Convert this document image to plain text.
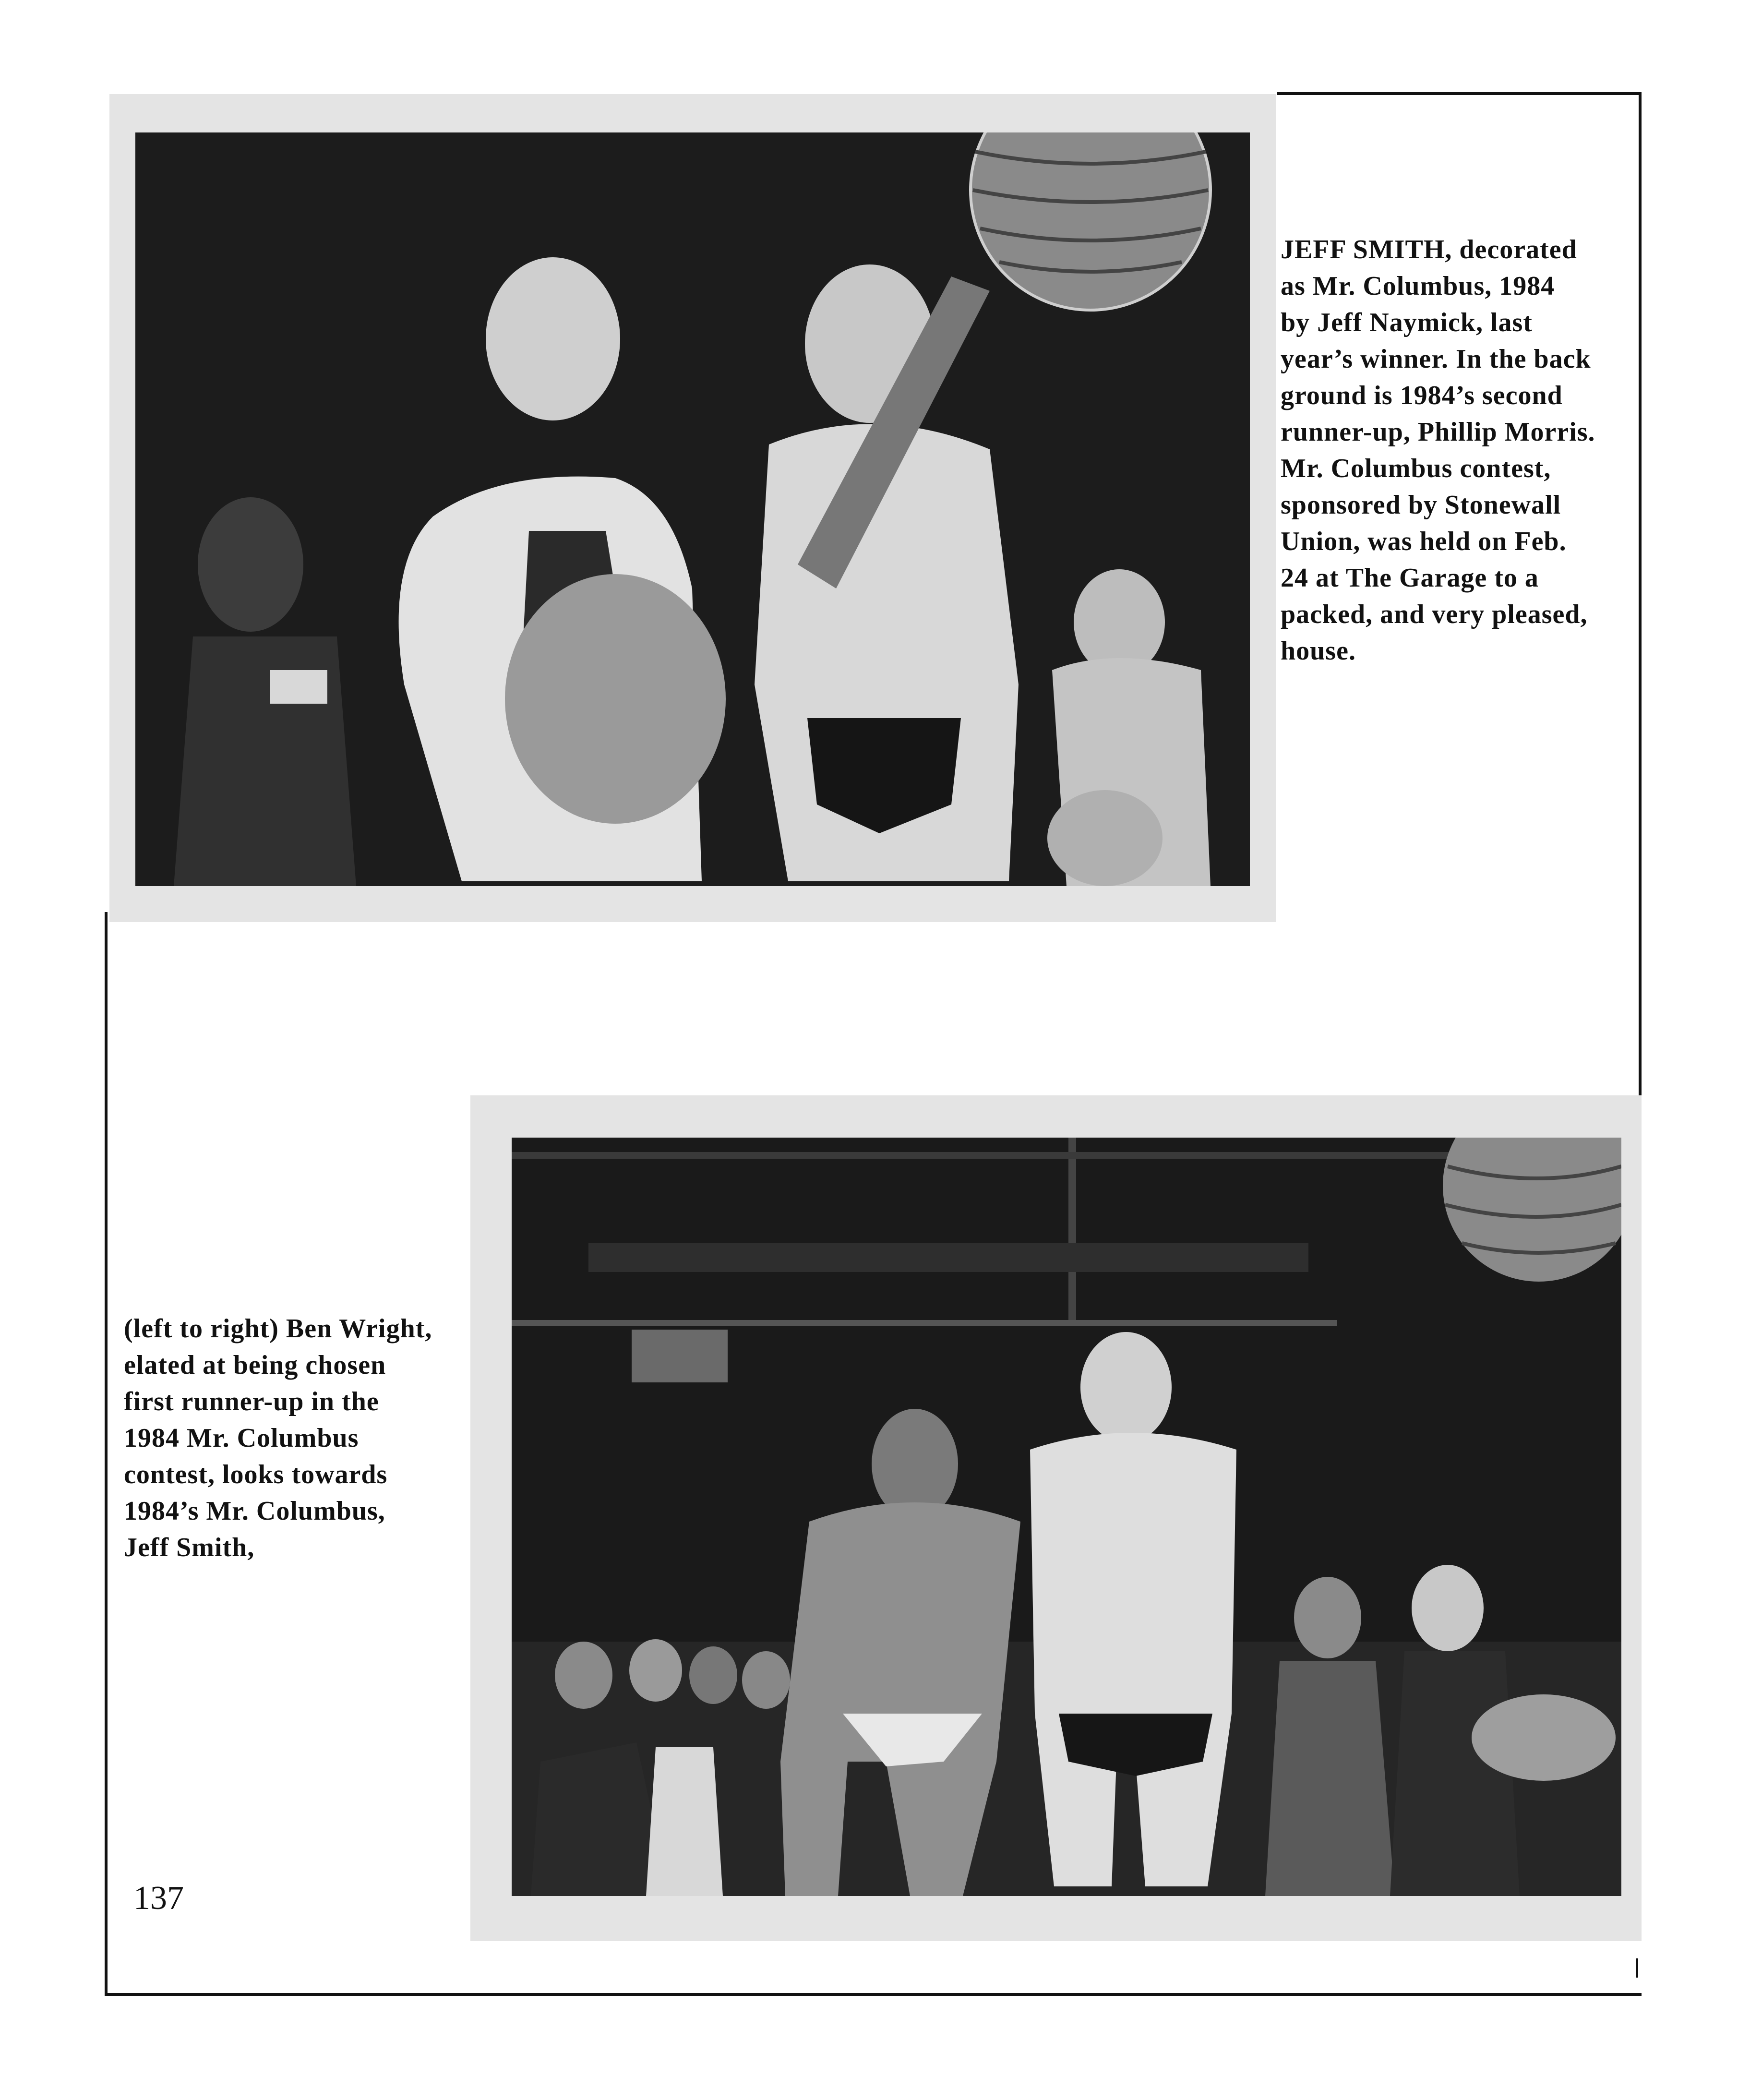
JEFF SMITH, decorated
as Mr. Columbus, 1984
by Jeff Naymick, last
year’s winner. In the back
ground is 1984’s second
runner-up, Phillip Morris.
Mr. Columbus contest,
sponsored by Stonewall
Union, was held on Feb.
24 at The Garage to a
packed, and very pleased,
house.
(left to right) Ben Wright,
elated at being chosen
first runner-up in the
1984 Mr. Columbus
contest, looks towards
1984’s Mr. Columbus,
Jeff Smith,
137
